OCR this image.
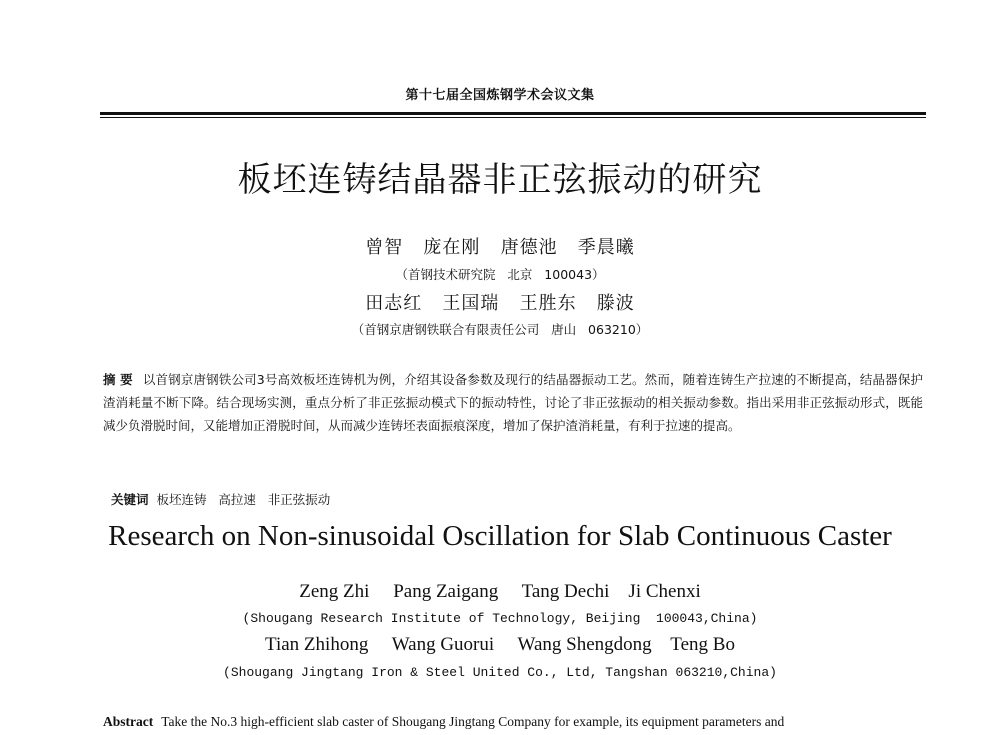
第十七届全国炼钢学术会议文集
板坯连铸结晶器非正弦振动的研究
曾智   庞在刚   唐德池   季晨曦
（首钢技术研究院   北京   100043）
田志红   王国瑞   王胜东   滕波
（首钢京唐钢铁联合有限责任公司   唐山   063210）
摘 要 以首钢京唐钢铁公司3号高效板坯连铸机为例，介绍其设备参数及现行的结晶器振动工艺。然而，随着连铸生产拉速的不断提高，结晶器保护渣消耗量不断下降。结合现场实测，重点分析了非正弦振动模式下的振动特性，讨论了非正弦振动的相关振动参数。指出采用非正弦振动形式，既能减少负滑脱时间，又能增加正滑脱时间，从而减少连铸坯表面振痕深度，增加了保护渣消耗量，有利于拉速的提高。

关键词 板坯连铸   高拉速   非正弦振动

Research on Non-sinusoidal Oscillation for Slab Continuous Caster
Zeng Zhi     Pang Zaigang     Tang Dechi    Ji Chenxi
(Shougang Research Institute of Technology, Beijing  100043,China)
Tian Zhihong     Wang Guorui     Wang Shengdong    Teng Bo
(Shougang Jingtang Iron & Steel United Co., Ltd, Tangshan 063210,China)
Abstract Take the No.3 high-efficient slab caster of Shougang Jingtang Company for example, its equipment parameters and
